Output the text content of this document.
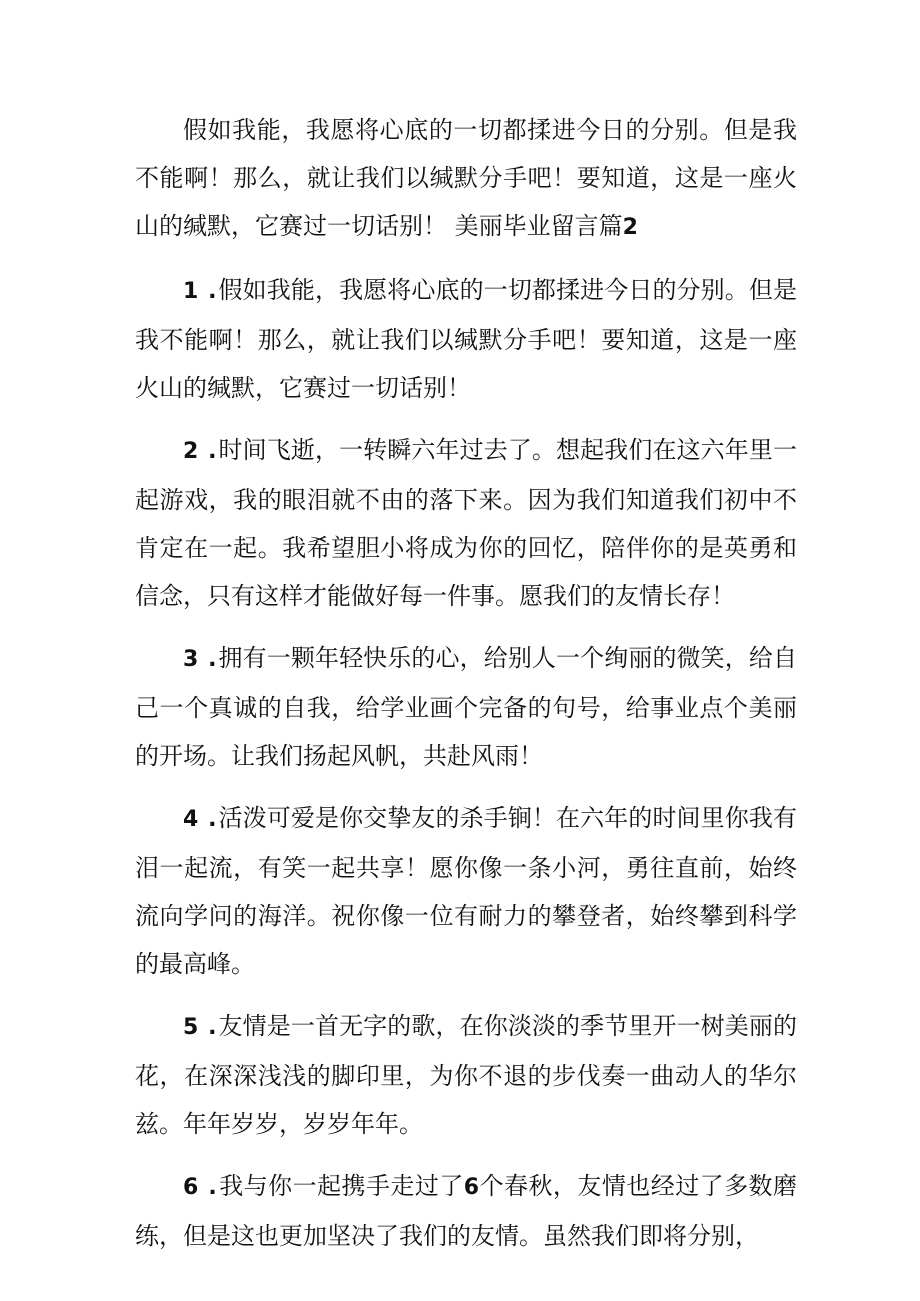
假如我能，我愿将心底的一切都揉进今日的分别。但是我不能啊！那么，就让我们以缄默分手吧！要知道，这是一座火山的缄默，它赛过一切话别！ 美丽毕业留言篇2

1 .假如我能，我愿将心底的一切都揉进今日的分别。但是我不能啊！那么，就让我们以缄默分手吧！要知道，这是一座火山的缄默，它赛过一切话别！

2 .时间飞逝，一转瞬六年过去了。想起我们在这六年里一起游戏，我的眼泪就不由的落下来。因为我们知道我们初中不肯定在一起。我希望胆小将成为你的回忆，陪伴你的是英勇和信念，只有这样才能做好每一件事。愿我们的友情长存！

3 .拥有一颗年轻快乐的心，给别人一个绚丽的微笑，给自己一个真诚的自我，给学业画个完备的句号，给事业点个美丽的开场。让我们扬起风帆，共赴风雨！

4 .活泼可爱是你交挚友的杀手锏！在六年的时间里你我有泪一起流，有笑一起共享！愿你像一条小河，勇往直前，始终流向学问的海洋。祝你像一位有耐力的攀登者，始终攀到科学的最高峰。

5 .友情是一首无字的歌，在你淡淡的季节里开一树美丽的花，在深深浅浅的脚印里，为你不退的步伐奏一曲动人的华尔兹。年年岁岁，岁岁年年。

6 .我与你一起携手走过了6个春秋，友情也经过了多数磨练，但是这也更加坚决了我们的友情。虽然我们即将分别，
